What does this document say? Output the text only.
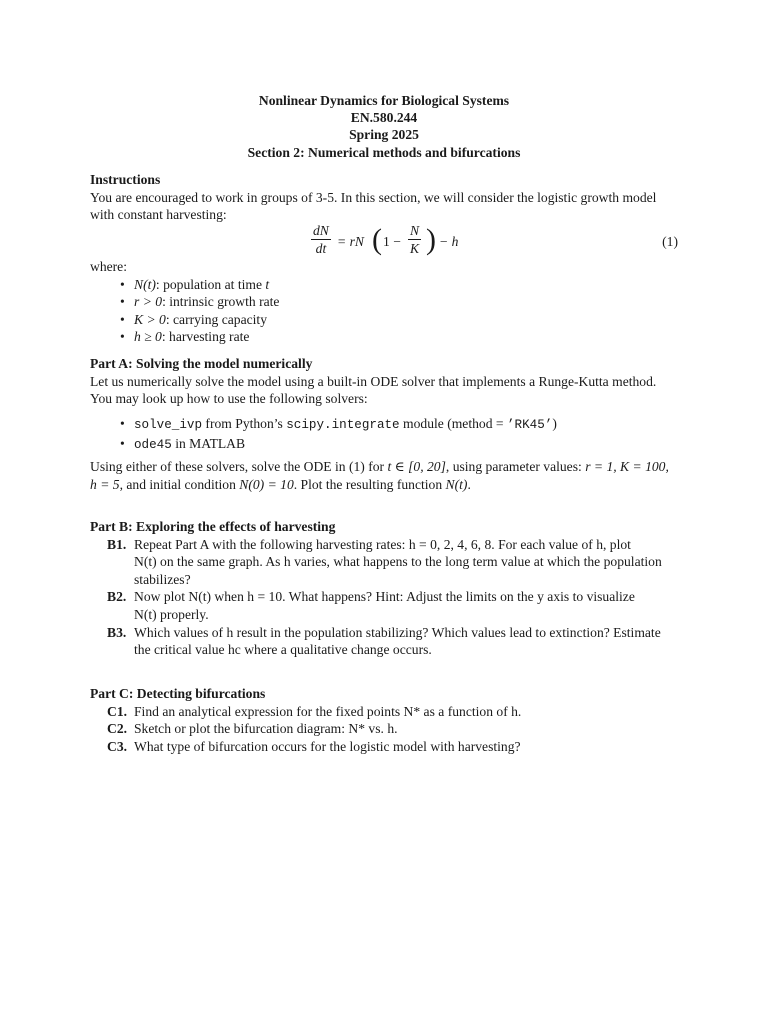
Nonlinear Dynamics for Biological Systems
EN.580.244
Spring 2025
Section 2: Numerical methods and bifurcations
Instructions
You are encouraged to work in groups of 3-5. In this section, we will consider the logistic growth model
with constant harvesting:
$\frac{dN}{dt}$ = rN ( $1 - \frac{N}{K}$ ) − h	(1)
where:
• N(t): population at time t
• r > 0: intrinsic growth rate
• K > 0: carrying capacity
• h ≥ 0: harvesting rate
Part A: Solving the model numerically
Let us numerically solve the model using a built-in ODE solver that implements a Runge-Kutta method.
You may look up how to use the following solvers:
• solve_ivp from Python’s scipy.integrate module (method = ’RK45’)
• ode45 in MATLAB
Using either of these solvers, solve the ODE in (1) for t ∈ [0, 20], using parameter values: r = 1, K = 100,
h = 5, and initial condition N(0) = 10. Plot the resulting function N(t).
Part B: Exploring the effects of harvesting
B1. Repeat Part A with the following harvesting rates: h = 0, 2, 4, 6, 8. For each value of h, plot
N(t) on the same graph. As h varies, what happens to the long term value at which the population
stabilizes?
B2. Now plot N(t) when h = 10. What happens? Hint: Adjust the limits on the y axis to visualize
N(t) properly.
B3. Which values of h result in the population stabilizing? Which values lead to extinction? Estimate
the critical value hc where a qualitative change occurs.
Part C: Detecting bifurcations
C1. Find an analytical expression for the fixed points N* as a function of h.
C2. Sketch or plot the bifurcation diagram: N* vs. h.
C3. What type of bifurcation occurs for the logistic model with harvesting?
